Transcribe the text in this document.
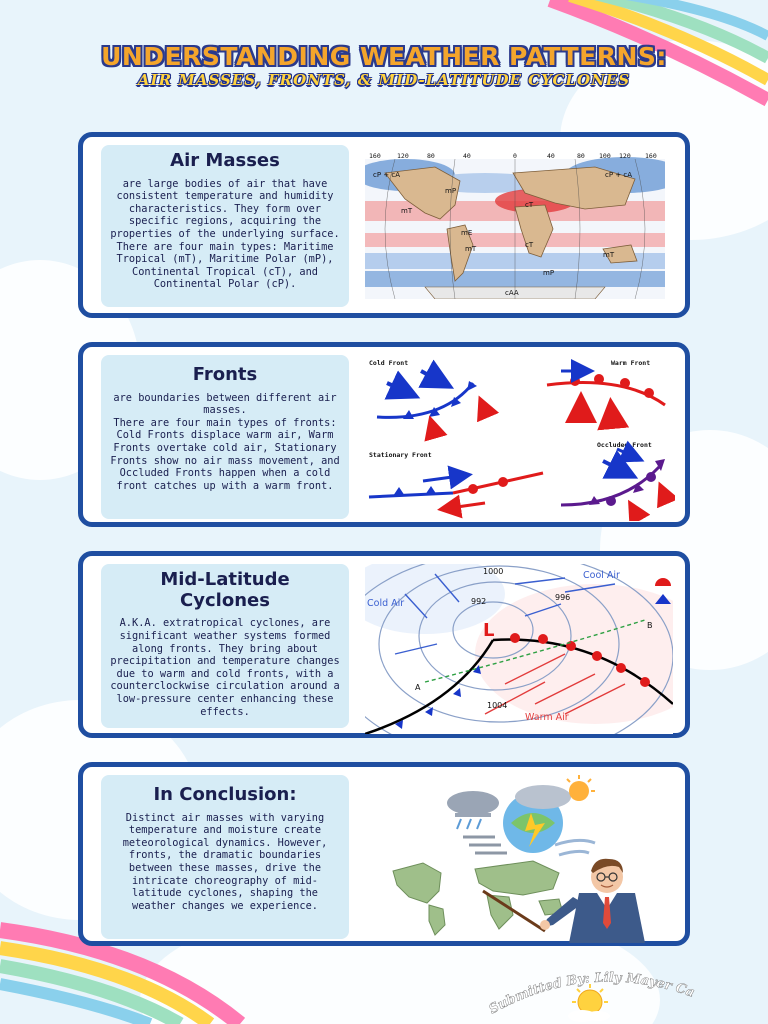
UNDERSTANDING WEATHER PATTERNS:
AIR MASSES, FRONTS, & MID-LATITUDE CYCLONES
Air Masses

are large bodies of air that have consistent temperature and humidity characteristics. They form over specific regions, acquiring the properties of the underlying surface. There are four main types: Maritime Tropical (mT), Maritime Polar (mP), Continental Tropical (cT), and Continental Polar (cP).

160	120	80	40	0	40	80 100 120 160
cP + cA	cP + cA
mP
mT
cT
mE
mT	cT
mT
mP
cAA
Fronts

are boundaries between different air masses.
There are four main types of fronts: Cold Fronts displace warm air, Warm Fronts overtake cold air, Stationary Fronts show no air mass movement, and Occluded Fronts happen when a cold front catches up with a warm front.

Cold Front	Warm Front
Stationary Front
Occluded Front
Mid-Latitude Cyclones

A.K.A. extratropical cyclones, are significant weather systems formed along fronts. They bring about precipitation and temperature changes due to warm and cold fronts, with a counterclockwise circulation around a low-pressure center enhancing these effects.

1000
992	996
1004
A
B
Cool Air
Cold Air
Warm Air
L
In Conclusion:

Distinct air masses with varying temperature and moisture create meteorological dynamics. However, fronts, the dramatic boundaries between these masses, drive the intricate choreography of mid-latitude cyclones, shaping the weather changes we experience.

Submitted By: Lily Mayer Ca
